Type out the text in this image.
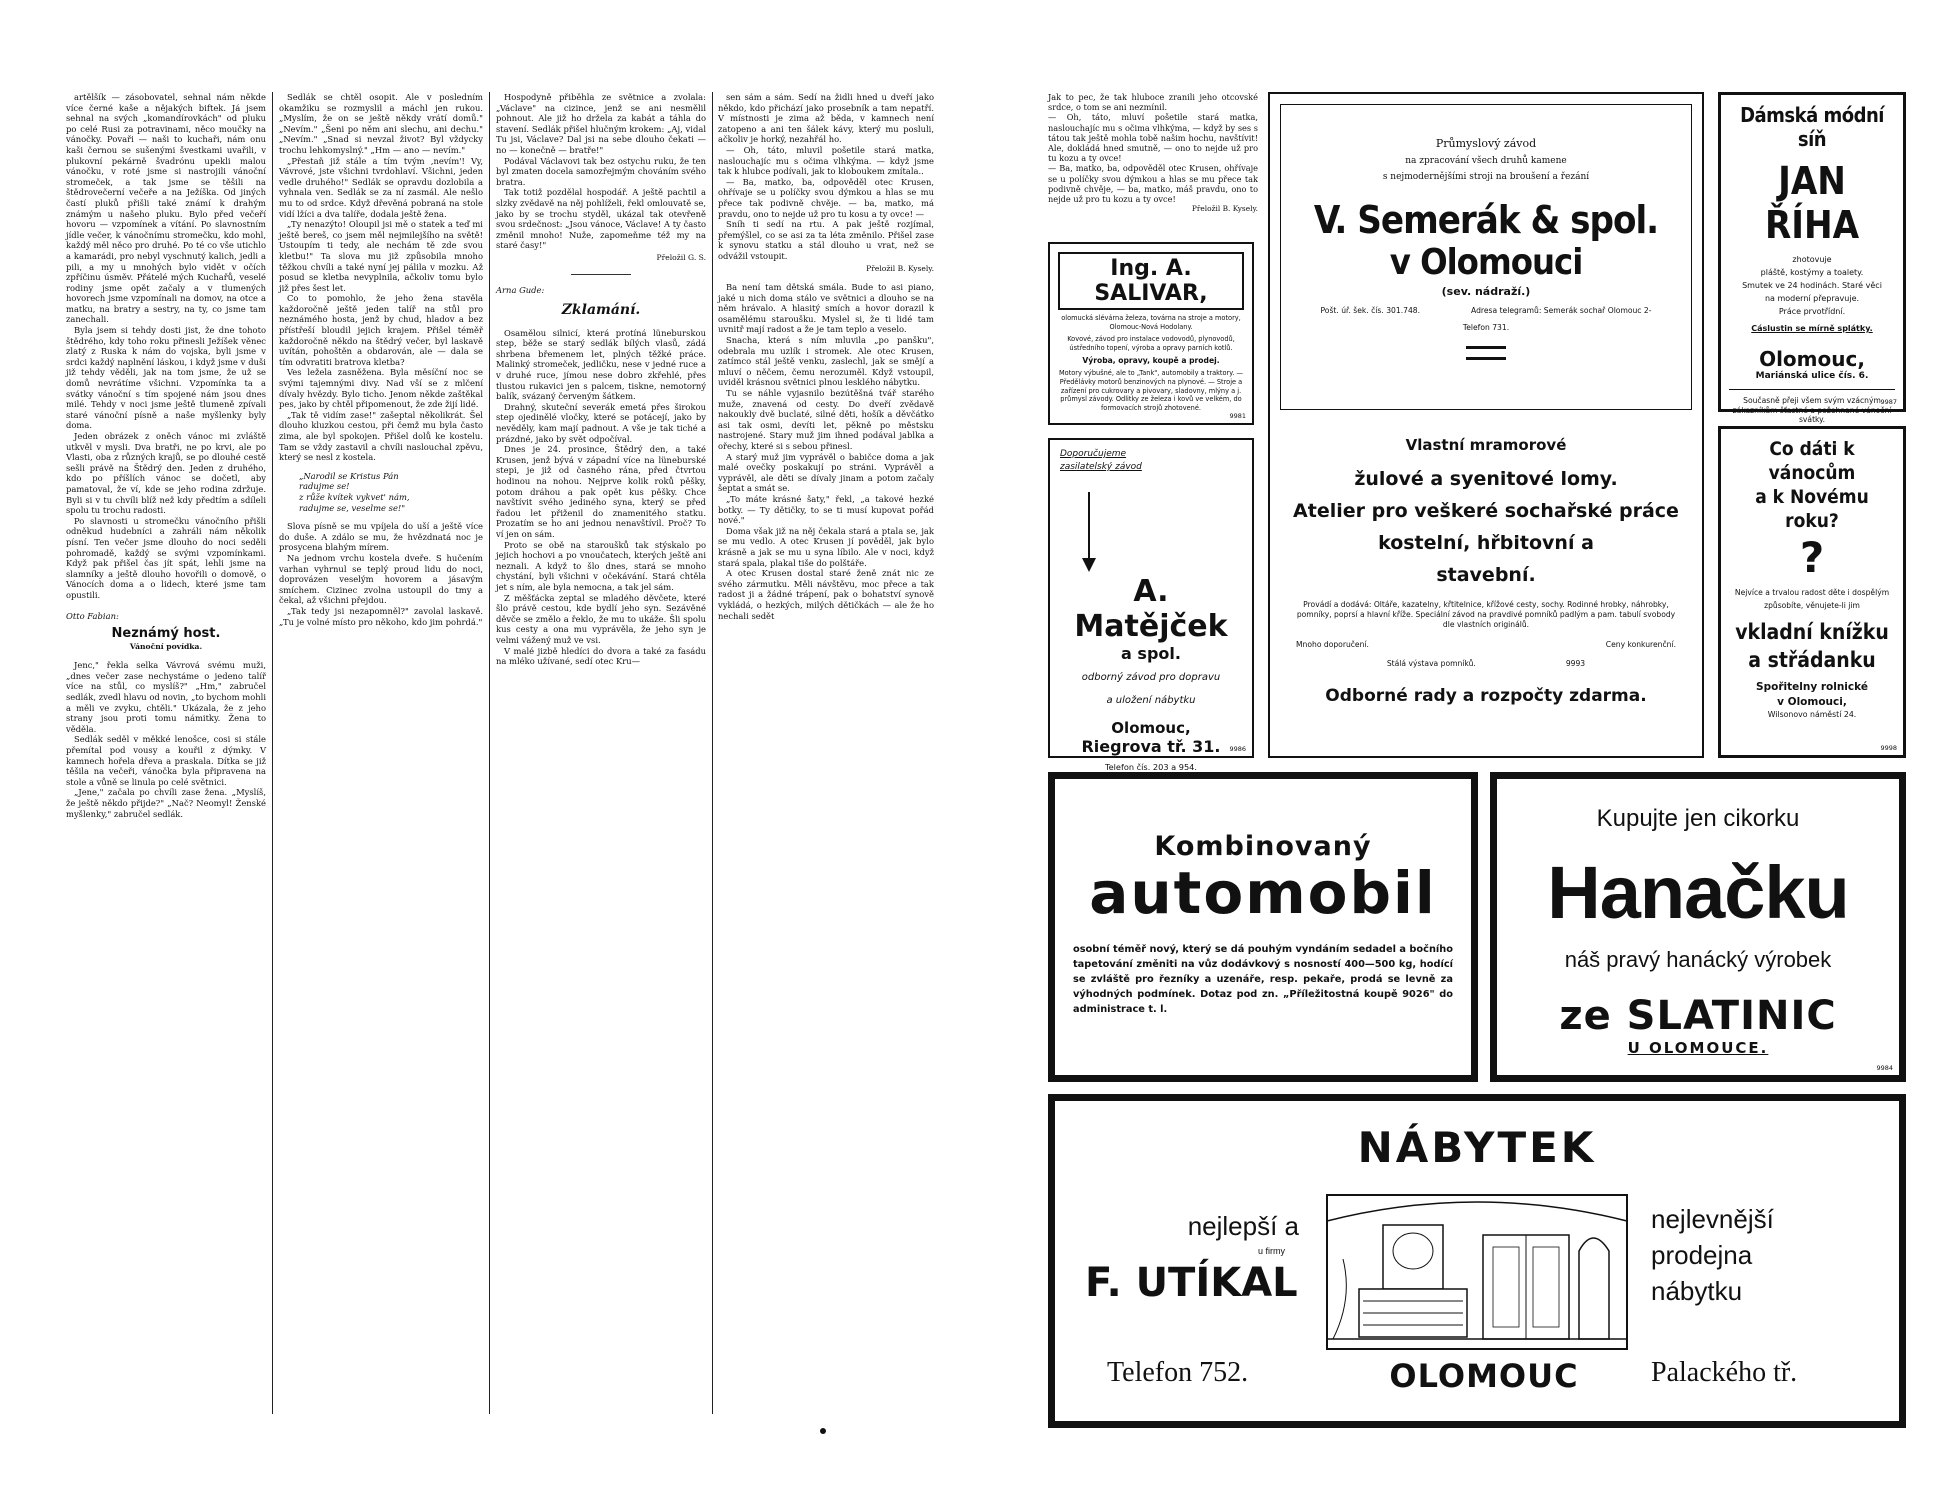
artělšík — zásobovatel, sehnal nám někde více černé kaše a nějakých biftek. Já jsem sehnal na svých „komandírovkách" od pluku po celé Rusi za potravinami, něco moučky na vánočky. Povaři — naši to kuchaři, nám onu kaši černou se sušenými švestkami uvařili, v plukovní pekárně švadrónu upekli malou vánočku, v roté jsme si nastrojili vánoční stromeček, a tak jsme se těšili na štědrovečerní večeře a na Ježíška. Od jiných častí pluků přišli také známí k drahým známým u našeho pluku. Bylo před večeří hovoru — vzpomínek a vítání. Po slavnostním jídle večer, k vánočnímu stromečku, kdo mohl, každý měl něco pro druhé. Po té co vše utichlo a kamarádi, pro nebyl vyschnutý kalich, jedli a pili, a my u mnohých bylo vidět v očích zpříčinu úsměv. Přátelé mých Kuchařů, veselé rodiny jsme opět začaly a v tlumených hovorech jsme vzpomínali na domov, na otce a matku, na bratry a sestry, na ty, co jsme tam zanechali.

Byla jsem si tehdy dosti jist, že dne tohoto štědrého, kdy toho roku přinesli Ježíšek věnec zlatý z Ruska k nám do vojska, byli jsme v srdci každý naplnění láskou, i když jsme v duši již tehdy věděli, jak na tom jsme, že už se domů nevrátíme všichni. Vzpomínka ta a svátky vánoční s tím spojené nám jsou dnes milé. Tehdy v noci jsme ještě tlumeně zpívali staré vánoční písně a naše myšlenky byly doma.

Jeden obrázek z oněch vánoc mi zvláště utkvěl v mysli. Dva bratři, ne po krvi, ale po Vlasti, oba z různých krajů, se po dlouhé cestě sešli právě na Štědrý den. Jeden z druhého, kdo po příšlích vánoc se dočetl, aby pamatoval, že ví, kde se jeho rodina zdržuje. Byli si v tu chvíli blíž než kdy předtím a sdíleli spolu tu trochu radosti.

Po slavnosti u stromečku vánočního přišli odněkud hudebníci a zahráli nám několik písní. Ten večer jsme dlouho do noci seděli pohromadě, každý se svými vzpomínkami. Když pak přišel čas jít spát, lehli jsme na slamníky a ještě dlouho hovořili o domově, o Vánocích doma a o lidech, které jsme tam opustili.

Otto Fabian:
Neznámý host.
Vánoční povídka.

Jenc," řekla selka Vávrová svému muži, „dnes večer zase nechystáme o jedeno talíř více na stůl, co myslíš?" „Hm," zabručel sedlák, zvedl hlavu od novin, „to bychom mohli a měli ve zvyku, chtěli." Ukázala, že z jeho strany jsou proti tomu námitky. Žena to věděla.

Sedlák seděl v měkké lenošce, cosi si stále přemítal pod vousy a kouřil z dýmky. V kamnech hořela dřeva a praskala. Dítka se již těšila na večeři, vánočka byla připravena na stole a vůně se linula po celé světnici.

„Jene," začala po chvíli zase žena. „Myslíš, že ještě někdo přijde?" „Nač? Neomyl! Ženské myšlenky," zabručel sedlák.

Sedlák se chtěl osopit. Ale v posledním okamžiku se rozmyslil a máchl jen rukou. „Myslím, že on se ještě někdy vrátí domů." „Nevím." „Šeni po něm ani slechu, ani dechu." „Nevím." „Snad si nevzal život? Byl vždycky trochu lehkomyslný." „Hm — ano — nevím."

„Přestaň již stále a tím tvým ‚nevím'! Vy, Vávrové, jste všichni tvrdohlaví. Všichni, jeden vedle druhého!" Sedlák se opravdu dozlobila a vyhnala ven. Sedlák se za ní zasmál. Ale nešlo mu to od srdce. Když dřevěná pobraná na stole vidí lžíci a dva talíře, dodala ještě žena.

„Ty nenazýto! Oloupil jsi mě o statek a teď mi ještě bereš, co jsem měl nejmilejšího na světě! Ustoupím ti tedy, ale nechám tě zde svou kletbu!" Ta slova mu již způsobila mnoho těžkou chvíli a také nyní jej pálila v mozku. Až posud se kletba nevyplnila, ačkoliv tomu bylo již přes šest let.

Co to pomohlo, že jeho žena stavěla každoročně ještě jeden talíř na stůl pro neznámého hosta, jenž by chud, hladov a bez přístřeší bloudil jejich krajem. Přišel téměř každoročně někdo na štědrý večer, byl laskavě uvítán, pohoštěn a obdarován, ale — dala se tím odvratiti bratrova kletba?

Ves ležela zasněžena. Byla měsíční noc se svými tajemnými divy. Nad vší se z mlčení dívaly hvězdy. Bylo ticho. Jenom někde zaštěkal pes, jako by chtěl připomenout, že zde žijí lidé.

„Tak tě vidím zase!" zašeptal několikrát. Šel dlouho kluzkou cestou, při čemž mu byla často zima, ale byl spokojen. Přišel dolů ke kostelu. Tam se vždy zastavil a chvíli naslouchal zpěvu, který se nesl z kostela.

„Narodil se Kristus Pán
radujme se!
z růže kvítek vykvet' nám,
radujme se, veselme se!"

Slova písně se mu vpíjela do uší a ještě více do duše. A zdálo se mu, že hvězdnatá noc je prosycena blahým mírem.

Na jednom vrchu kostela dveře. S hučením varhan vyhrnul se teplý proud lidu do noci, doprovázen veselým hovorem a jásavým smíchem. Cizinec zvolna ustoupil do tmy a čekal, až všichni přejdou.

„Tak tedy jsi nezapomněl?" zavolal laskavě. „Tu je volné místo pro někoho, kdo jim pohrdá."

Hospodyně přiběhla ze světnice a zvolala: „Václave" na cizince, jenž se ani nesmělil pohnout. Ale již ho držela za kabát a táhla do stavení. Sedlák přišel hlučným krokem: „Aj, vidal Tu jsi, Václave? Dal jsi na sebe dlouho čekati — no — konečně — bratře!"

Podával Václavovi tak bez ostychu ruku, že ten byl zmaten docela samozřejmým chováním svého bratra.

Tak totiž pozdělal hospodář. A ještě pachtil a slzky zvědavě na něj pohlíželi, řekl omlouvatě se, jako by se trochu styděl, ukázal tak otevřeně svou srdečnost: „Jsou vánoce, Václave! A ty často změnil mnoho! Nuže, zapomeňme též my na staré časy!"

Přeložil G. S.
Arna Gude:
Zklamání.

Osamělou silnicí, která protíná lüneburskou step, běže se starý sedlák bílých vlasů, zádá shrbena břemenem let, plných těžké práce. Malinký stromeček, jedličku, nese v jedné ruce a v druhé ruce, jímou nese dobro zkřehlé, přes tlustou rukavici jen s palcem, tiskne, nemotorný balík, svázaný červeným šátkem.

Drahný, skuteční severák emetá přes širokou step ojedinělé vločky, které se potácejí, jako by nevěděly, kam mají padnout. A vše je tak tiché a prázdné, jako by svět odpočíval.

Dnes je 24. prosince, Štědrý den, a také Krusen, jenž bývá v západní více na lüneburské stepi, je již od časného rána, před čtvrtou hodinou na nohou. Nejprve kolik roků pěšky, potom dráhou a pak opět kus pěšky. Chce navštívit svého jediného syna, který se před řadou let přiženil do znamenitého statku. Prozatím se ho ani jednou nenavštívil. Proč? To ví jen on sám.

Proto se obě na staroušků tak stýskalo po jejich hochovi a po vnoučatech, kterých ještě ani neznali. A když to šlo dnes, stará se mnoho chystání, byli všichni v očekávání. Stará chtěla jet s ním, ale byla nemocna, a tak jel sám.

Z měšťácka zeptal se mladého děvčete, které šlo právě cestou, kde bydlí jeho syn. Sezávěné děvče se změlo a řeklo, že mu to ukáže. Šli spolu kus cesty a ona mu vyprávěla, že jeho syn je velmi vážený muž ve vsi.

V malé jizbě hledíci do dvora a také za fasádu na mléko užívané, sedí otec Kru—

sen sám a sám. Sedí na židli hned u dveří jako někdo, kdo přichází jako prosebník a tam nepatří. V místnosti je zima až běda, v kamnech není zatopeno a ani ten šálek kávy, který mu posluli, ačkoliv je horký, nezahřál ho.

— Oh, táto, mluvil pošetile stará matka, naslouchajíc mu s očima vlhkýma. — když jsme tak k hlubce podívali, jak to kloboukem zmítala..

— Ba, matko, ba, odpověděl otec Krusen, ohřívaje se u políčky svou dýmkou a hlas se mu přece tak podivně chvěje. — ba, matko, má pravdu, ono to nejde už pro tu kosu a ty ovce! —

Sníh ti sedí na rtu. A pak ještě rozjímal, přemýšlel, co se asi za ta léta změnilo. Přišel zase k synovu statku a stál dlouho u vrat, než se odvážil vstoupit.

Přeložil B. Kysely.

Ba není tam dětská smála. Bude to asi piano, jaké u nich doma stálo ve světnici a dlouho se na něm hrávalo. A hlasitý smích a hovor dorazil k osamělému staroušku. Myslel si, že ti lidé tam uvnitř mají radost a že je tam teplo a veselo.

Snacha, která s ním mluvila „po panšku", odebrala mu uzlík i stromek. Ale otec Krusen, zatímco stál ještě venku, zaslechl, jak se smějí a mluví o něčem, čemu nerozuměl. Když vstoupil, uviděl krásnou světnici plnou lesklého nábytku.

Tu se náhle vyjasnilo bezútěšná tvář starého muže, znavená od cesty. Do dveří zvědavě nakoukly dvě buclaté, silné děti, hošík a děvčátko asi tak osmi, devíti let, pěkně po městsku nastrojené. Stary muž jim ihned podával jablka a ořechy, které si s sebou přinesl.

A starý muž jim vyprávěl o babičce doma a jak malé ovečky poskakují po stráni. Vyprávěl a vyprávěl, ale děti se dívaly jinam a potom začaly šeptat a smát se.

„To máte krásné šaty," řekl, „a takové hezké botky. — Ty dětičky, to se ti musí kupovat pořád nové."

Doma však již na něj čekala stará a ptala se, jak se mu vedlo. A otec Krusen jí pověděl, jak bylo krásně a jak se mu u syna líbilo. Ale v noci, když stará spala, plakal tiše do polštáře.

A otec Krusen dostal staré ženě znát nic ze svého zármutku. Měli návštěvu, moc přece a tak radost ji a žádné trápení, pak o bohatství synově vykládá, o hezkých, milých dětičkách — ale že ho nechali sedět

Jak to pec, že tak hluboce zranili jeho otcovské srdce, o tom se ani nezmínil.

— Oh, táto, mluví pošetile stará matka, naslouchajíc mu s očima vlhkýma, — když by ses s tátou tak ještě mohla tobě našim hochu, navštívit! Ale, dokládá hned smutně, — ono to nejde už pro tu kozu a ty ovce!

— Ba, matko, ba, odpověděl otec Krusen, ohřívaje se u políčky svou dýmkou a hlas se mu přece tak podivně chvěje, — ba, matko, máš pravdu, ono to nejde už pro tu kozu a ty ovce!

Přeložil B. Kysely.
Ing. A. SALIVAR,
olomucká slévárna železa, továrna na stroje a motory, Olomouc-Nová Hodolany.
Kovové, závod pro instalace vodovodů, plynovodů, ústředního topení, výroba a opravy parních kotlů.
Výroba, opravy, koupě a prodej.
Motory výbušné, ale to „Tank", automobily a traktory. — Předělávky motorů benzinových na plynové. — Stroje a zařízení pro cukrovary a pivovary, sladovny, mlýny a j. průmysl závody. Odlitky ze železa i kovů ve velkém, do formovacích strojů zhotovené.
9981
Doporučujeme
zasilatelský závod
A. Matějček
a spol.
odborný závod pro dopravu
a uložení nábytku
Olomouc,
Riegrova tř. 31.
Telefon čís. 203 a 954.
9986
Průmyslový závod
na zpracování všech druhů kamene
s nejmodernějšími stroji na broušení a řezání
V. Semerák & spol.
v Olomouci
(sev. nádraží.)
Pošt. úř. šek. čís. 301.748.	Adresa telegramů: Semerák sochař Olomouc 2-
Telefon 731.
Vlastní mramorové
žulové a syenitové lomy.
Atelier pro veškeré sochařské práce
kostelní, hřbitovní a
stavební.
Provádí a dodává: Oltáře, kazatelny, křtitelnice, křížové cesty, sochy. Rodinné hrobky, náhrobky, pomníky, poprsí a hlavní kříže. Speciální závod na pravdivé pomníků padlým a pam. tabulí svobody dle vlastních originálů.
Mnoho doporučení.	Ceny konkurenční.
Stálá výstava pomníků.	9993
Odborné rady a rozpočty zdarma.
Dámská módní síň
JAN ŘÍHA
zhotovuje
pláště, kostýmy a toalety.
Smutek ve 24 hodinách. Staré věci
na moderní přepravuje.
Práce prvotřídní.
Cáslustin se mírně splátky.
Olomouc,
Mariánská ulice čís. 6.
Současně přeji všem svým vzácným zákazníkům šťastné a požehnané vánoční svátky.
9987
Co dáti k vánocům
a k Novému roku?
?
Nejvíce a trvalou radost děte i dospělým způsobíte, věnujete-li jim
vkladní knížku
a střádanku
Spořitelny rolnické
v Olomouci,
Wilsonovo náměstí 24.
9998
Kombinovaný
automobil
osobní téměř nový, který se dá pouhým vyndáním sedadel a bočního tapetování změniti na vůz dodávkový s nosností 400—500 kg, hodící se zvláště pro řezníky a uzenáře, resp. pekaře, prodá se levně za výhodných podmínek. Dotaz pod zn. „Příležitostná koupě 9026" do administrace t. l.
Kupujte jen cikorku
Hanačku
náš pravý hanácký výrobek
ze SLATINIC
U OLOMOUCE.
9984
NÁBYTEK
nejlepší a
u firmy
F. UTÍKAL
nejlevnější
prodejna
nábytku
Telefon 752.	OLOMOUC	Palackého tř.
